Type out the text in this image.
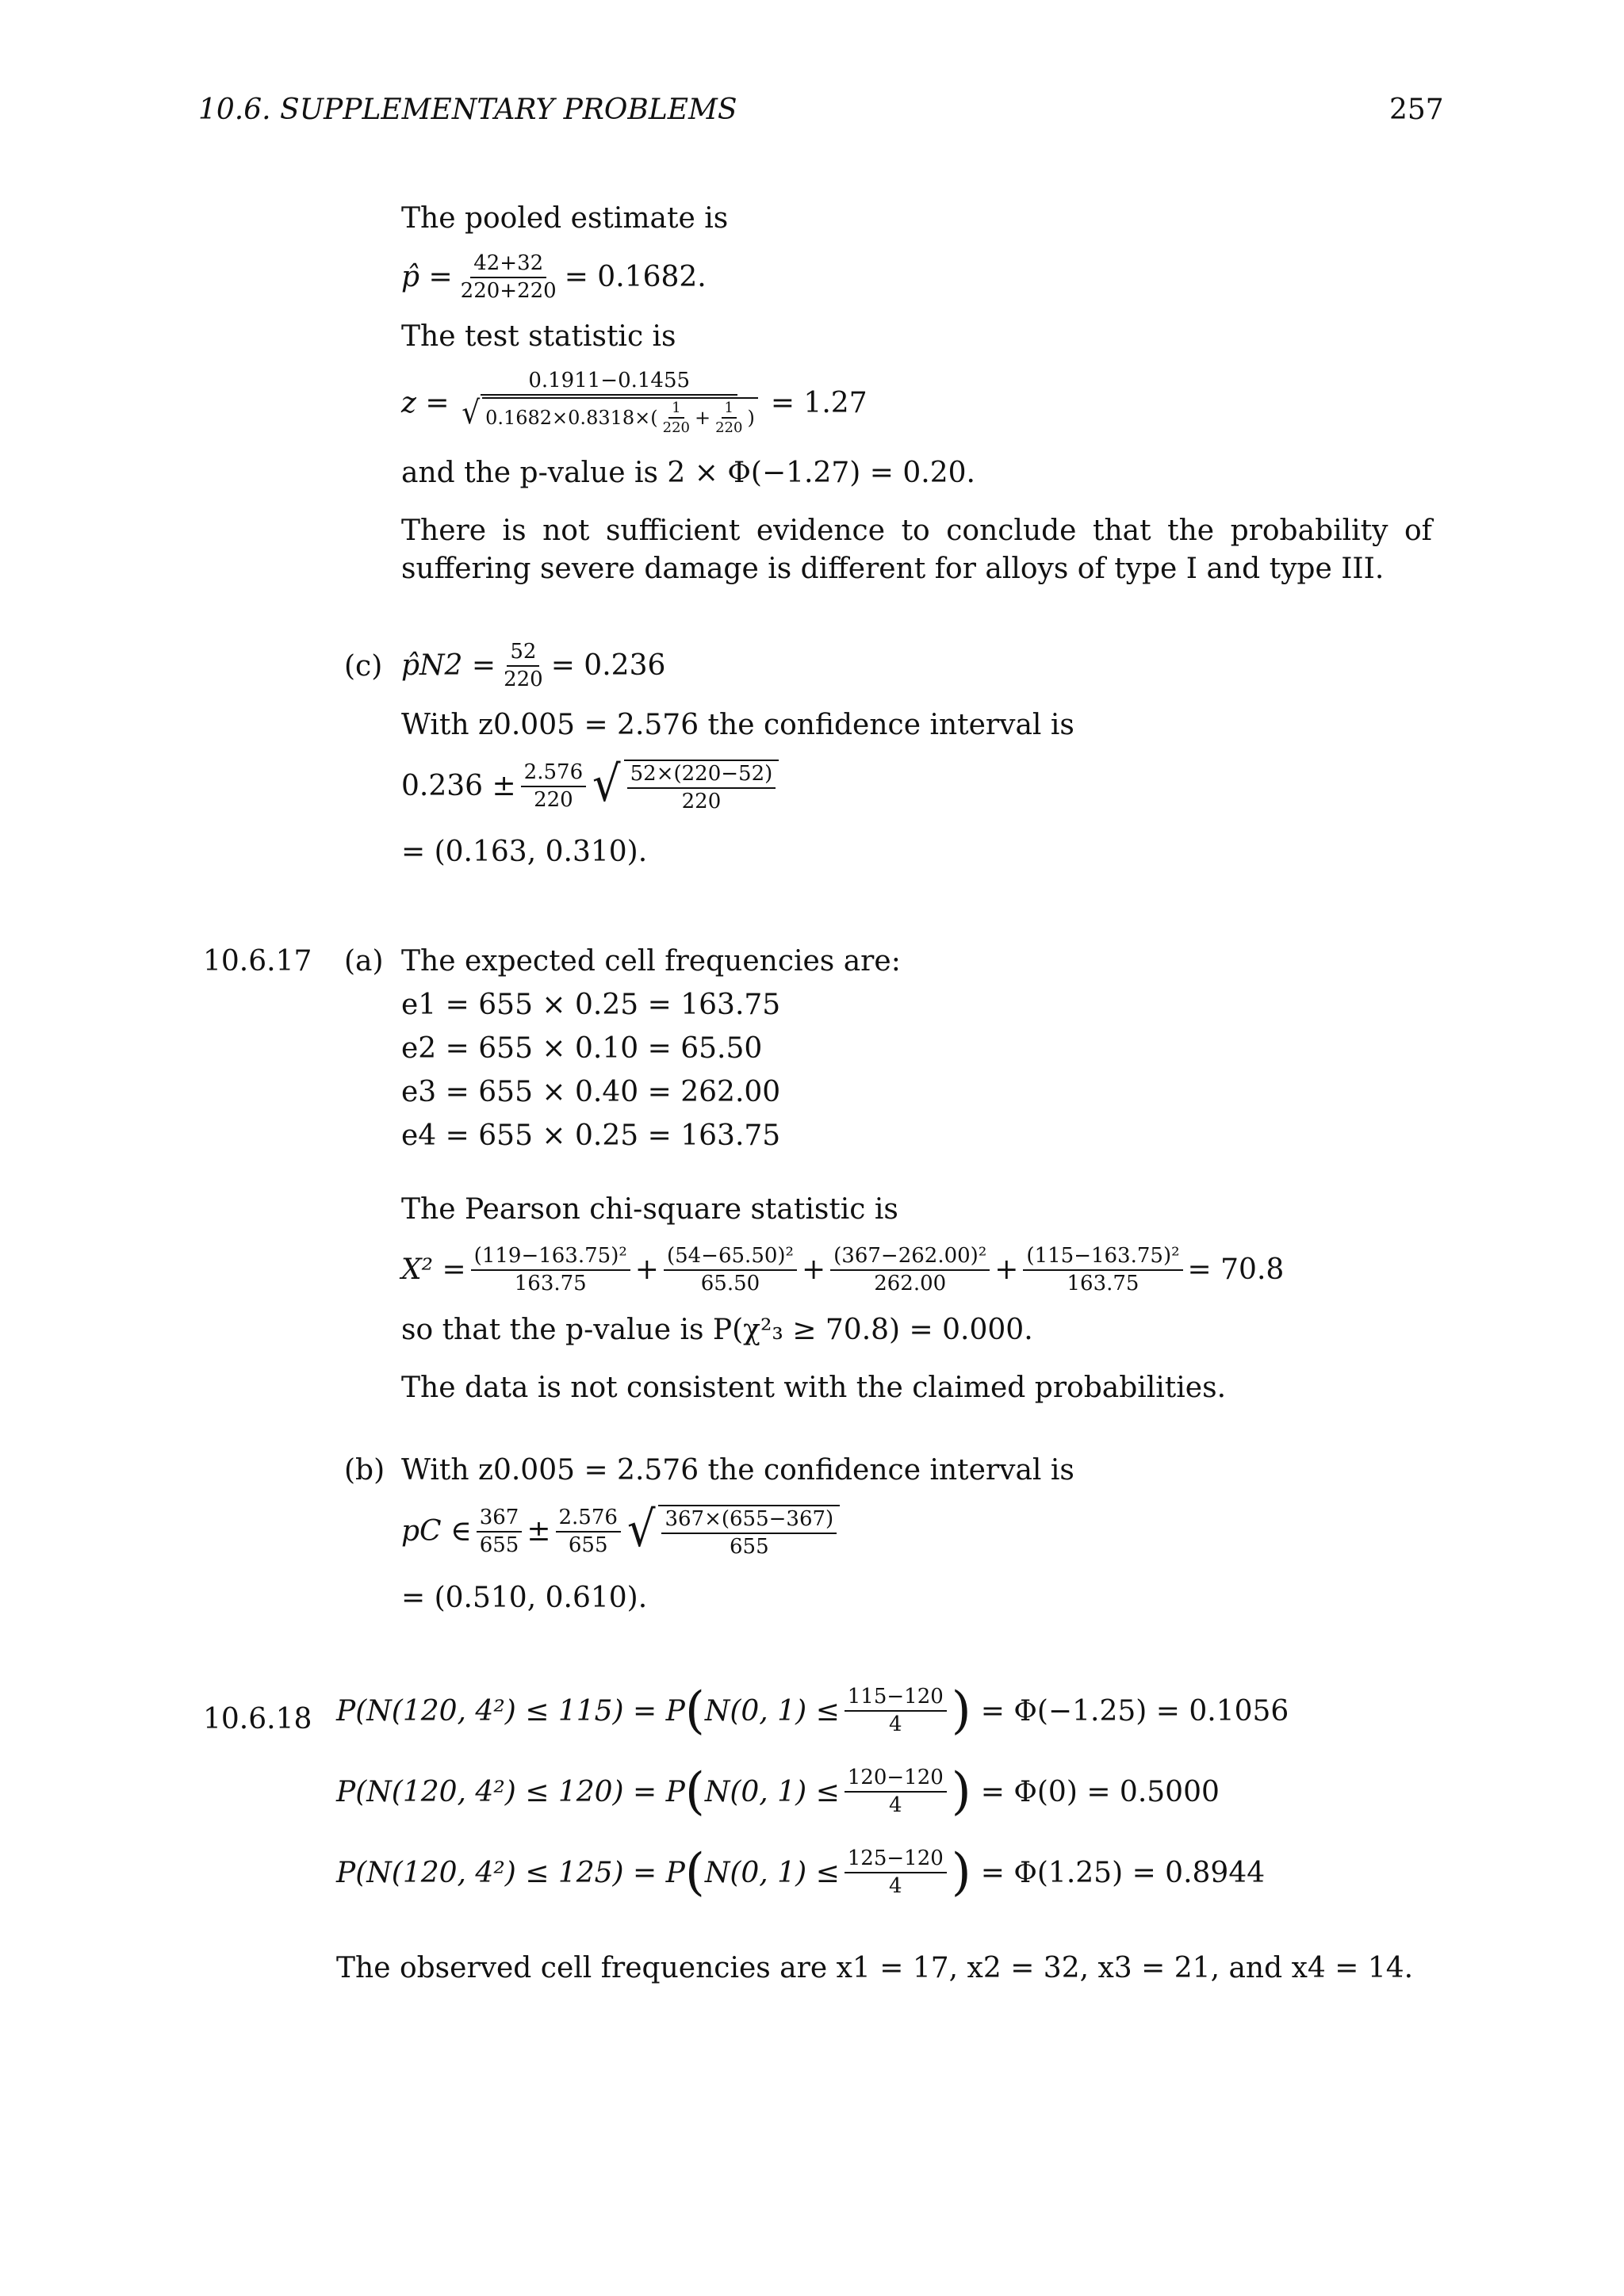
10.6. SUPPLEMENTARY PROBLEMS	257
The pooled estimate is
p̂ = $\frac{42+32}{220+220} = 0.1682$.
The test statistic is
$z = \frac{0.1911-0.1455}{√ 0.1682\times 0.8318\times ( \frac{1}{220} + \frac{1}{220} )} = 1.27$
and the p-value is 2 × Φ(−1.27) = 0.20.
There is not sufficient evidence to conclude that the probability of suffering severe damage is different for alloys of type I and type III.
(c) p̂N2 = $\frac{52}{220} = 0.236$
With z0.005 = 2.576 the confidence interval is
$0.236 \pm \frac{2.576}{220}$ √ $\frac{52\times(220-52)}{220}$
= (0.163, 0.310).
10.6.17 (a) The expected cell frequencies are:
e1 = 655 × 0.25 = 163.75
e2 = 655 × 0.10 = 65.50
e3 = 655 × 0.40 = 262.00
e4 = 655 × 0.25 = 163.75
The Pearson chi-square statistic is
$X^2 = \frac{\text{(119−163.75)²}}{163.75} + \frac{\text{(54−65.50)²}}{65.50} + \frac{\text{(367−262.00)²}}{262.00} + \frac{\text{(115−163.75)²}}{163.75} = 70.8$
so that the p-value is P(χ²₃ ≥ 70.8) = 0.000.
The data is not consistent with the claimed probabilities.
(b) With z0.005 = 2.576 the confidence interval is
pC ∈ $\frac{367}{655} \pm \frac{2.576}{655}$ √ $\frac{367\times(655-367)}{655}$
= (0.510, 0.610).
10.6.18 P(N(120, 4²) ≤ 115) = P ( N(0, $1) \le \frac{115-120}{4}$ ) = Φ(−1.25) = 0.1056
P(N(120, 4²) ≤ 120) = P ( N(0, $1) \le \frac{120-120}{4}$ ) = Φ(0) = 0.5000
P(N(120, 4²) ≤ 125) = P ( N(0, $1) \le \frac{125-120}{4}$ ) = Φ(1.25) = 0.8944
The observed cell frequencies are x1 = 17, x2 = 32, x3 = 21, and x4 = 14.
